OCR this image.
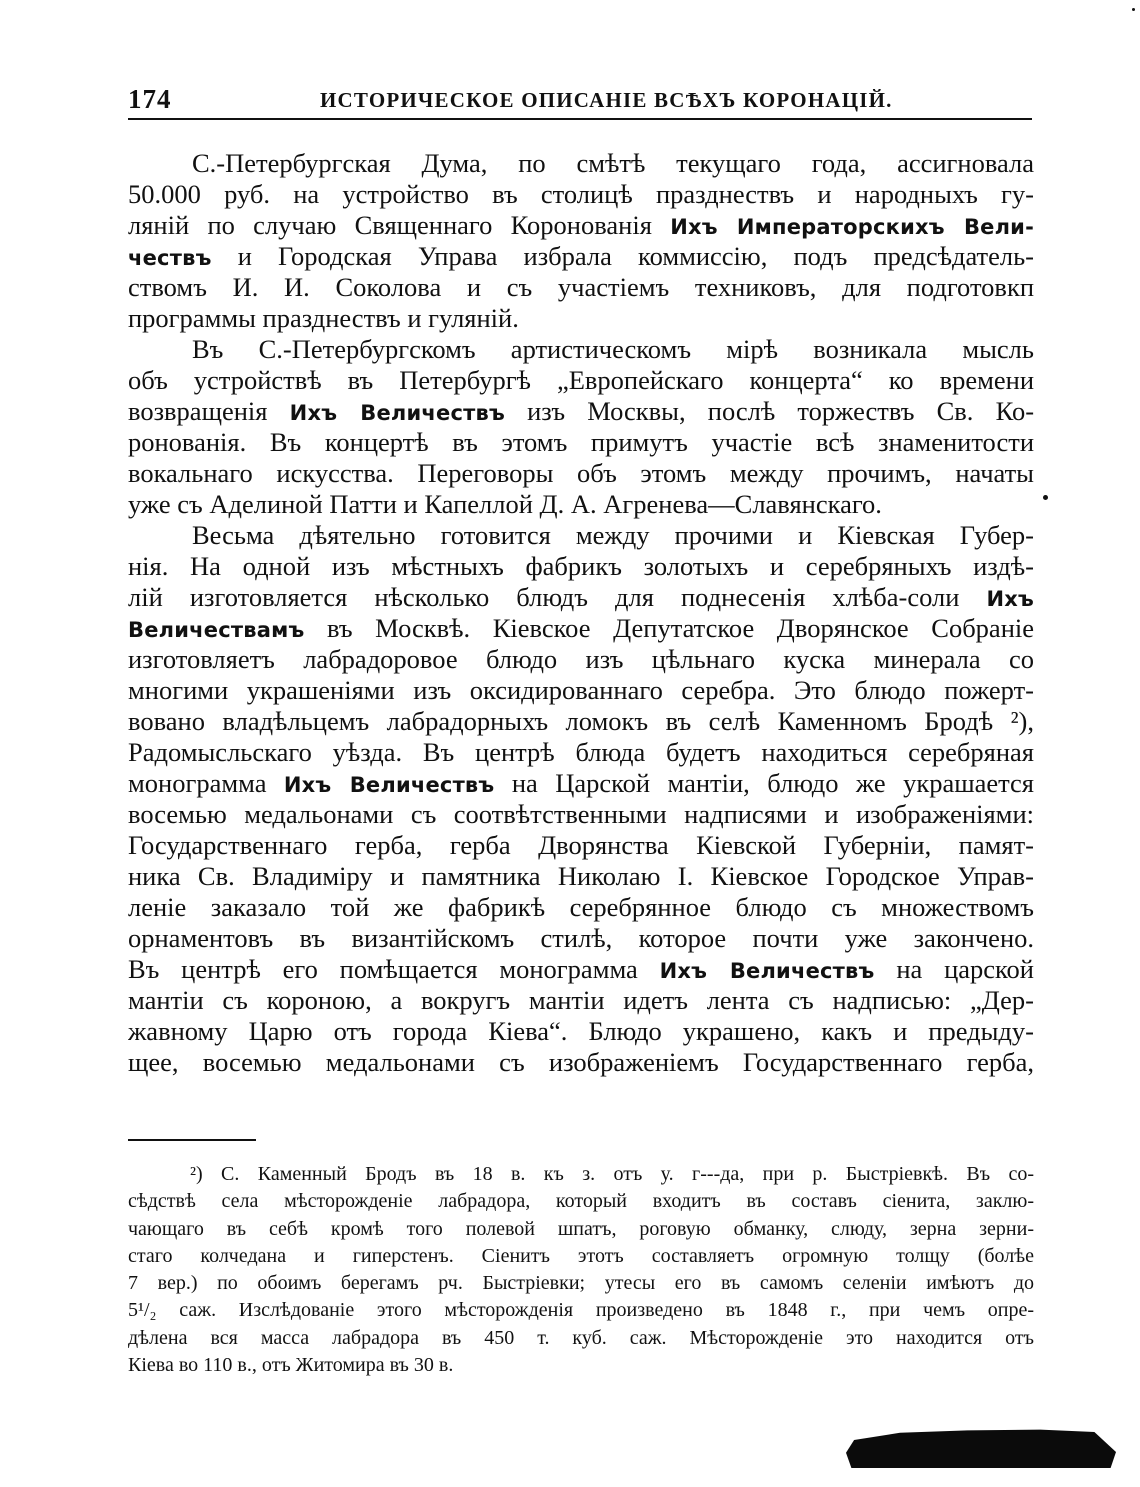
174	ИСТОРИЧЕСКОЕ ОПИСАНІЕ ВСѢХЪ КОРОНАЦІЙ.
С.-Петербургская Дума, по смѣтѣ текущаго года, ассигновала
50.000 руб. на устройство въ столицѣ празднествъ и народныхъ гу-
ляній по случаю Священнаго Коронованія Ихъ Императорскихъ Вели-
чествъ и Городская Управа избрала коммиссію, подъ предсѣдатель-
ствомъ И. И. Соколова и съ участіемъ техниковъ, для подготовкп
программы празднествъ и гуляній.
Въ С.-Петербургскомъ артистическомъ мірѣ возникала мысль
объ устройствѣ въ Петербургѣ „Европейскаго концерта“ ко времени
возвращенія Ихъ Величествъ изъ Москвы, послѣ торжествъ Св. Ко-
ронованія. Въ концертѣ въ этомъ примутъ участіе всѣ знаменитости
вокальнаго искусства. Переговоры объ этомъ между прочимъ, начаты
уже съ Аделиной Патти и Капеллой Д. А. Агренева—Славянскаго.
Весьма дѣятельно готовится между прочими и Кіевская Губер-
нія. На одной изъ мѣстныхъ фабрикъ золотыхъ и серебряныхъ издѣ-
лій изготовляется нѣсколько блюдъ для поднесенія хлѣба-соли Ихъ
Величествамъ въ Москвѣ. Кіевское Депутатское Дворянское Собраніе
изготовляетъ лабрадоровое блюдо изъ цѣльнаго куска минерала со
многими украшеніями изъ оксидированнаго серебра. Это блюдо пожерт-
вовано владѣльцемъ лабрадорныхъ ломокъ въ селѣ Каменномъ Бродѣ ²),
Радомысльскаго уѣзда. Въ центрѣ блюда будетъ находиться серебряная
монограмма Ихъ Величествъ на Царской мантіи, блюдо же украшается
восемью медальонами съ соотвѣтственными надписями и изображеніями:
Государственнаго герба, герба Дворянства Кіевской Губерніи, памят-
ника Св. Владиміру и памятника Николаю I. Кіевское Городское Управ-
леніе заказало той же фабрикѣ серебрянное блюдо съ множествомъ
орнаментовъ въ византійскомъ стилѣ, которое почти уже закончено.
Въ центрѣ его помѣщается монограмма Ихъ Величествъ на царской
мантіи съ короною, а вокругъ мантіи идетъ лента съ надписью: „Дер-
жавному Царю отъ города Кіева“. Блюдо украшено, какъ и предыду-
щее, восемью медальонами съ изображеніемъ Государственнаго герба,
²) С. Каменный Бродъ въ 18 в. къ з. отъ у. г---да, при р. Быстріевкѣ. Въ со-
сѣдствѣ села мѣсторожденіе лабрадора, который входитъ въ составъ сіенита, заклю-
чающаго въ себѣ кромѣ того полевой шпатъ, роговую обманку, слюду, зерна зерни-
стаго колчедана и гиперстенъ. Сіенитъ этотъ составляетъ огромную толщу (болѣе
7 вер.) по обоимъ берегамъ рч. Быстріевки; утесы его въ самомъ селеніи имѣютъ до
5¹/₂ саж. Изслѣдованіе этого мѣсторожденія произведено въ 1848 г., при чемъ опре-
дѣлена вся масса лабрадора въ 450 т. куб. саж. Мѣсторожденіе это находится отъ
Кіева во 110 в., отъ Житомира въ 30 в.
